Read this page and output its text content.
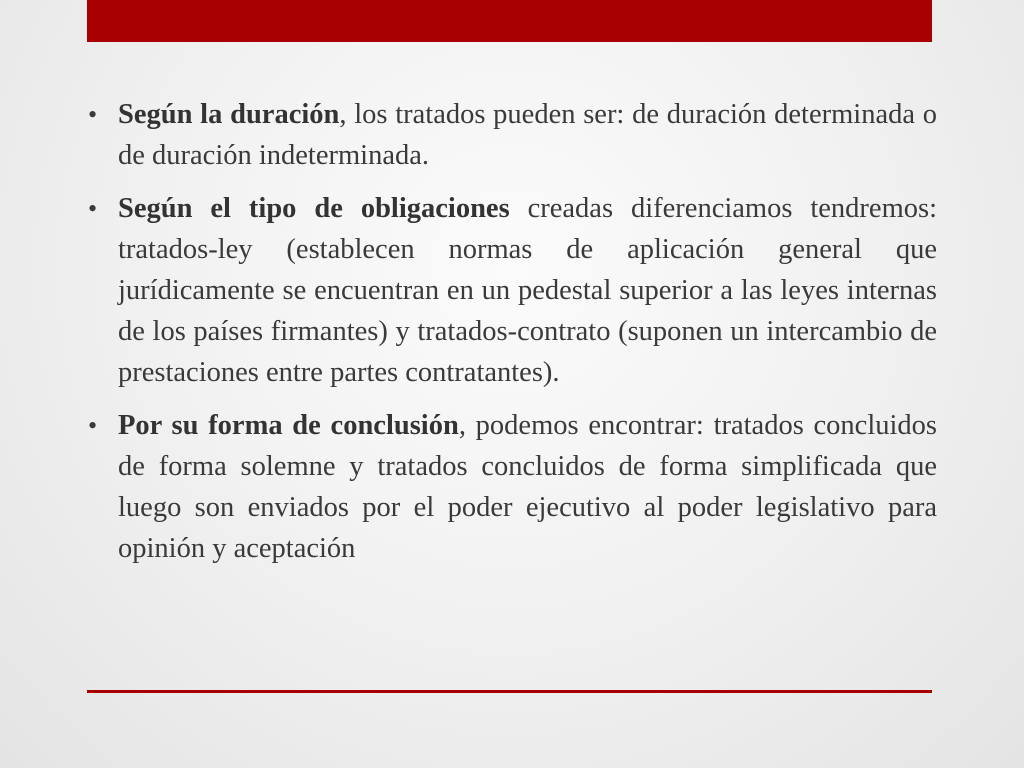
• Según la duración, los tratados pueden ser: de duración determinada o de duración indeterminada.
• Según el tipo de obligaciones creadas diferenciamos tendremos: tratados-ley (establecen normas de aplicación general que jurídicamente se encuentran en un pedestal superior a las leyes internas de los países firmantes) y tratados-contrato (suponen un intercambio de prestaciones entre partes contratantes).
• Por su forma de conclusión, podemos encontrar: tratados concluidos de forma solemne y tratados concluidos de forma simplificada que luego son enviados por el poder ejecutivo al poder legislativo para opinión y aceptación
